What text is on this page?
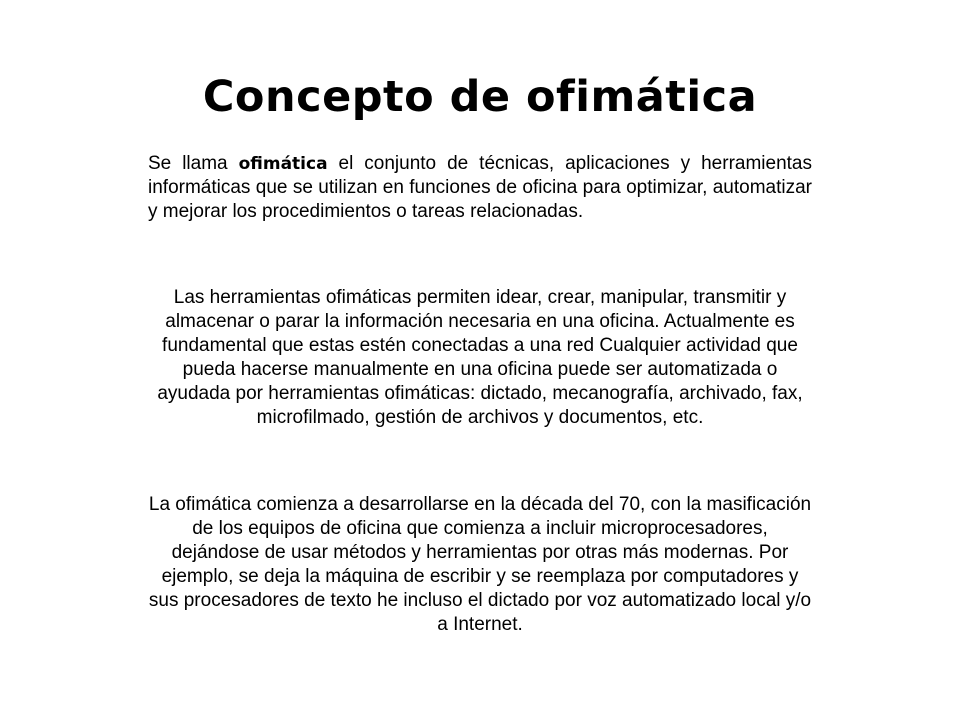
Concepto de ofimática

Se llama ofimática el conjunto de técnicas, aplicaciones y herramientas informáticas que se utilizan en funciones de oficina para optimizar, automatizar y mejorar los procedimientos o tareas relacionadas.

Las herramientas ofimáticas permiten idear, crear, manipular, transmitir y almacenar o parar la información necesaria en una oficina. Actualmente es fundamental que estas estén conectadas a una red Cualquier actividad que pueda hacerse manualmente en una oficina puede ser automatizada o ayudada por herramientas ofimáticas: dictado, mecanografía, archivado, fax, microfilmado, gestión de archivos y documentos, etc.

La ofimática comienza a desarrollarse en la década del 70, con la masificación de los equipos de oficina que comienza a incluir microprocesadores, dejándose de usar métodos y herramientas por otras más modernas. Por ejemplo, se deja la máquina de escribir y se reemplaza por computadores y sus procesadores de texto he incluso el dictado por voz automatizado local y/o a Internet.
